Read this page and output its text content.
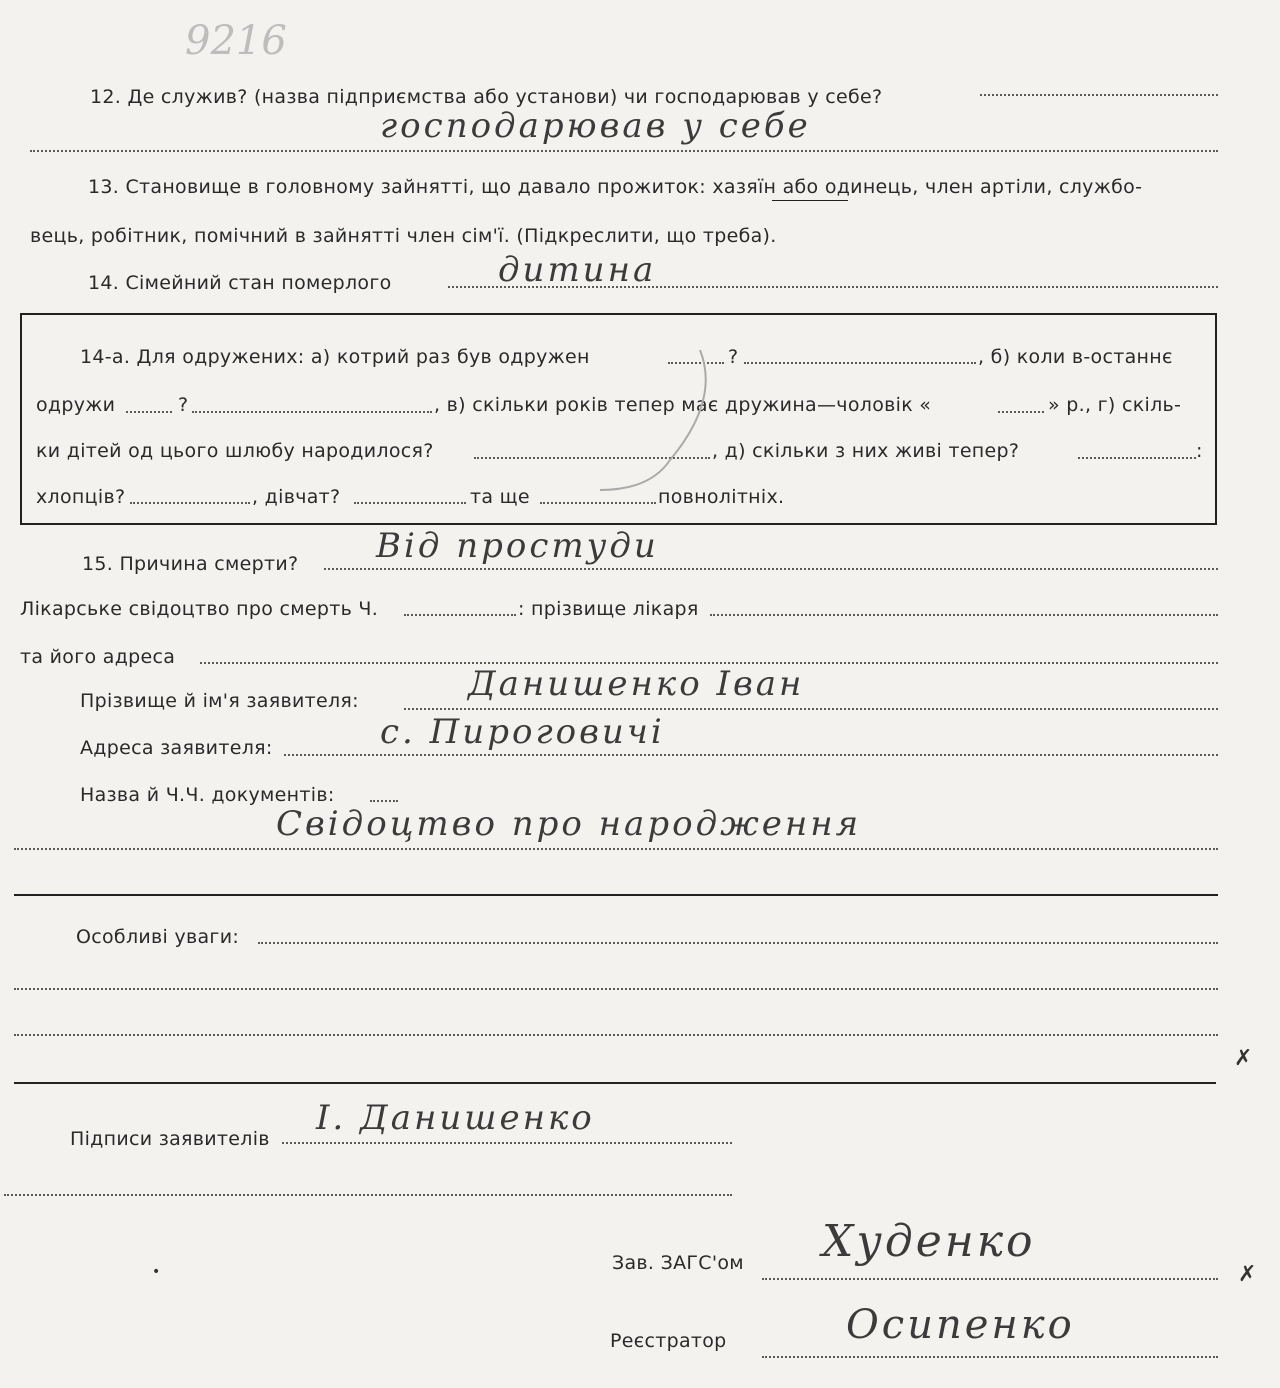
9216
12. Де служив? (назва підприємства або установи) чи господарював у себе?
господарював у себе
13. Становище в головному зайнятті, що давало прожиток: хазяїн або одинець, член артіли, службо-
вець, робітник, помічний в зайнятті член сім'ї. (Підкреслити, що треба).
14. Сімейний стан померлого	дитина
14-а. Для одружених: а) котрий раз був одружен	?	, б) коли в-останнє
одружи	?	, в) скільки років тепер має дружина—чоловік «	» р., г) скіль-
ки дітей од цього шлюбу народилося?	, д) скільки з них живі тепер?	:
хлопців?	, дівчат?	та ще	повнолітніх.
15. Причина смерти? Від простуди
Лікарське свідоцтво про смерть Ч.	: прізвище лікаря
та його адреса
Прізвище й ім'я заявителя:	Данишенко Іван
Адреса заявителя:	с. Пироговичі
Назва й Ч.Ч. документів:
Свідоцтво про народження
Особливі уваги:
✗
Підписи заявителів
І. Данишенко
Зав. ЗАГС'ом Худенко
✗
Реєстратор	Осипенко
•
